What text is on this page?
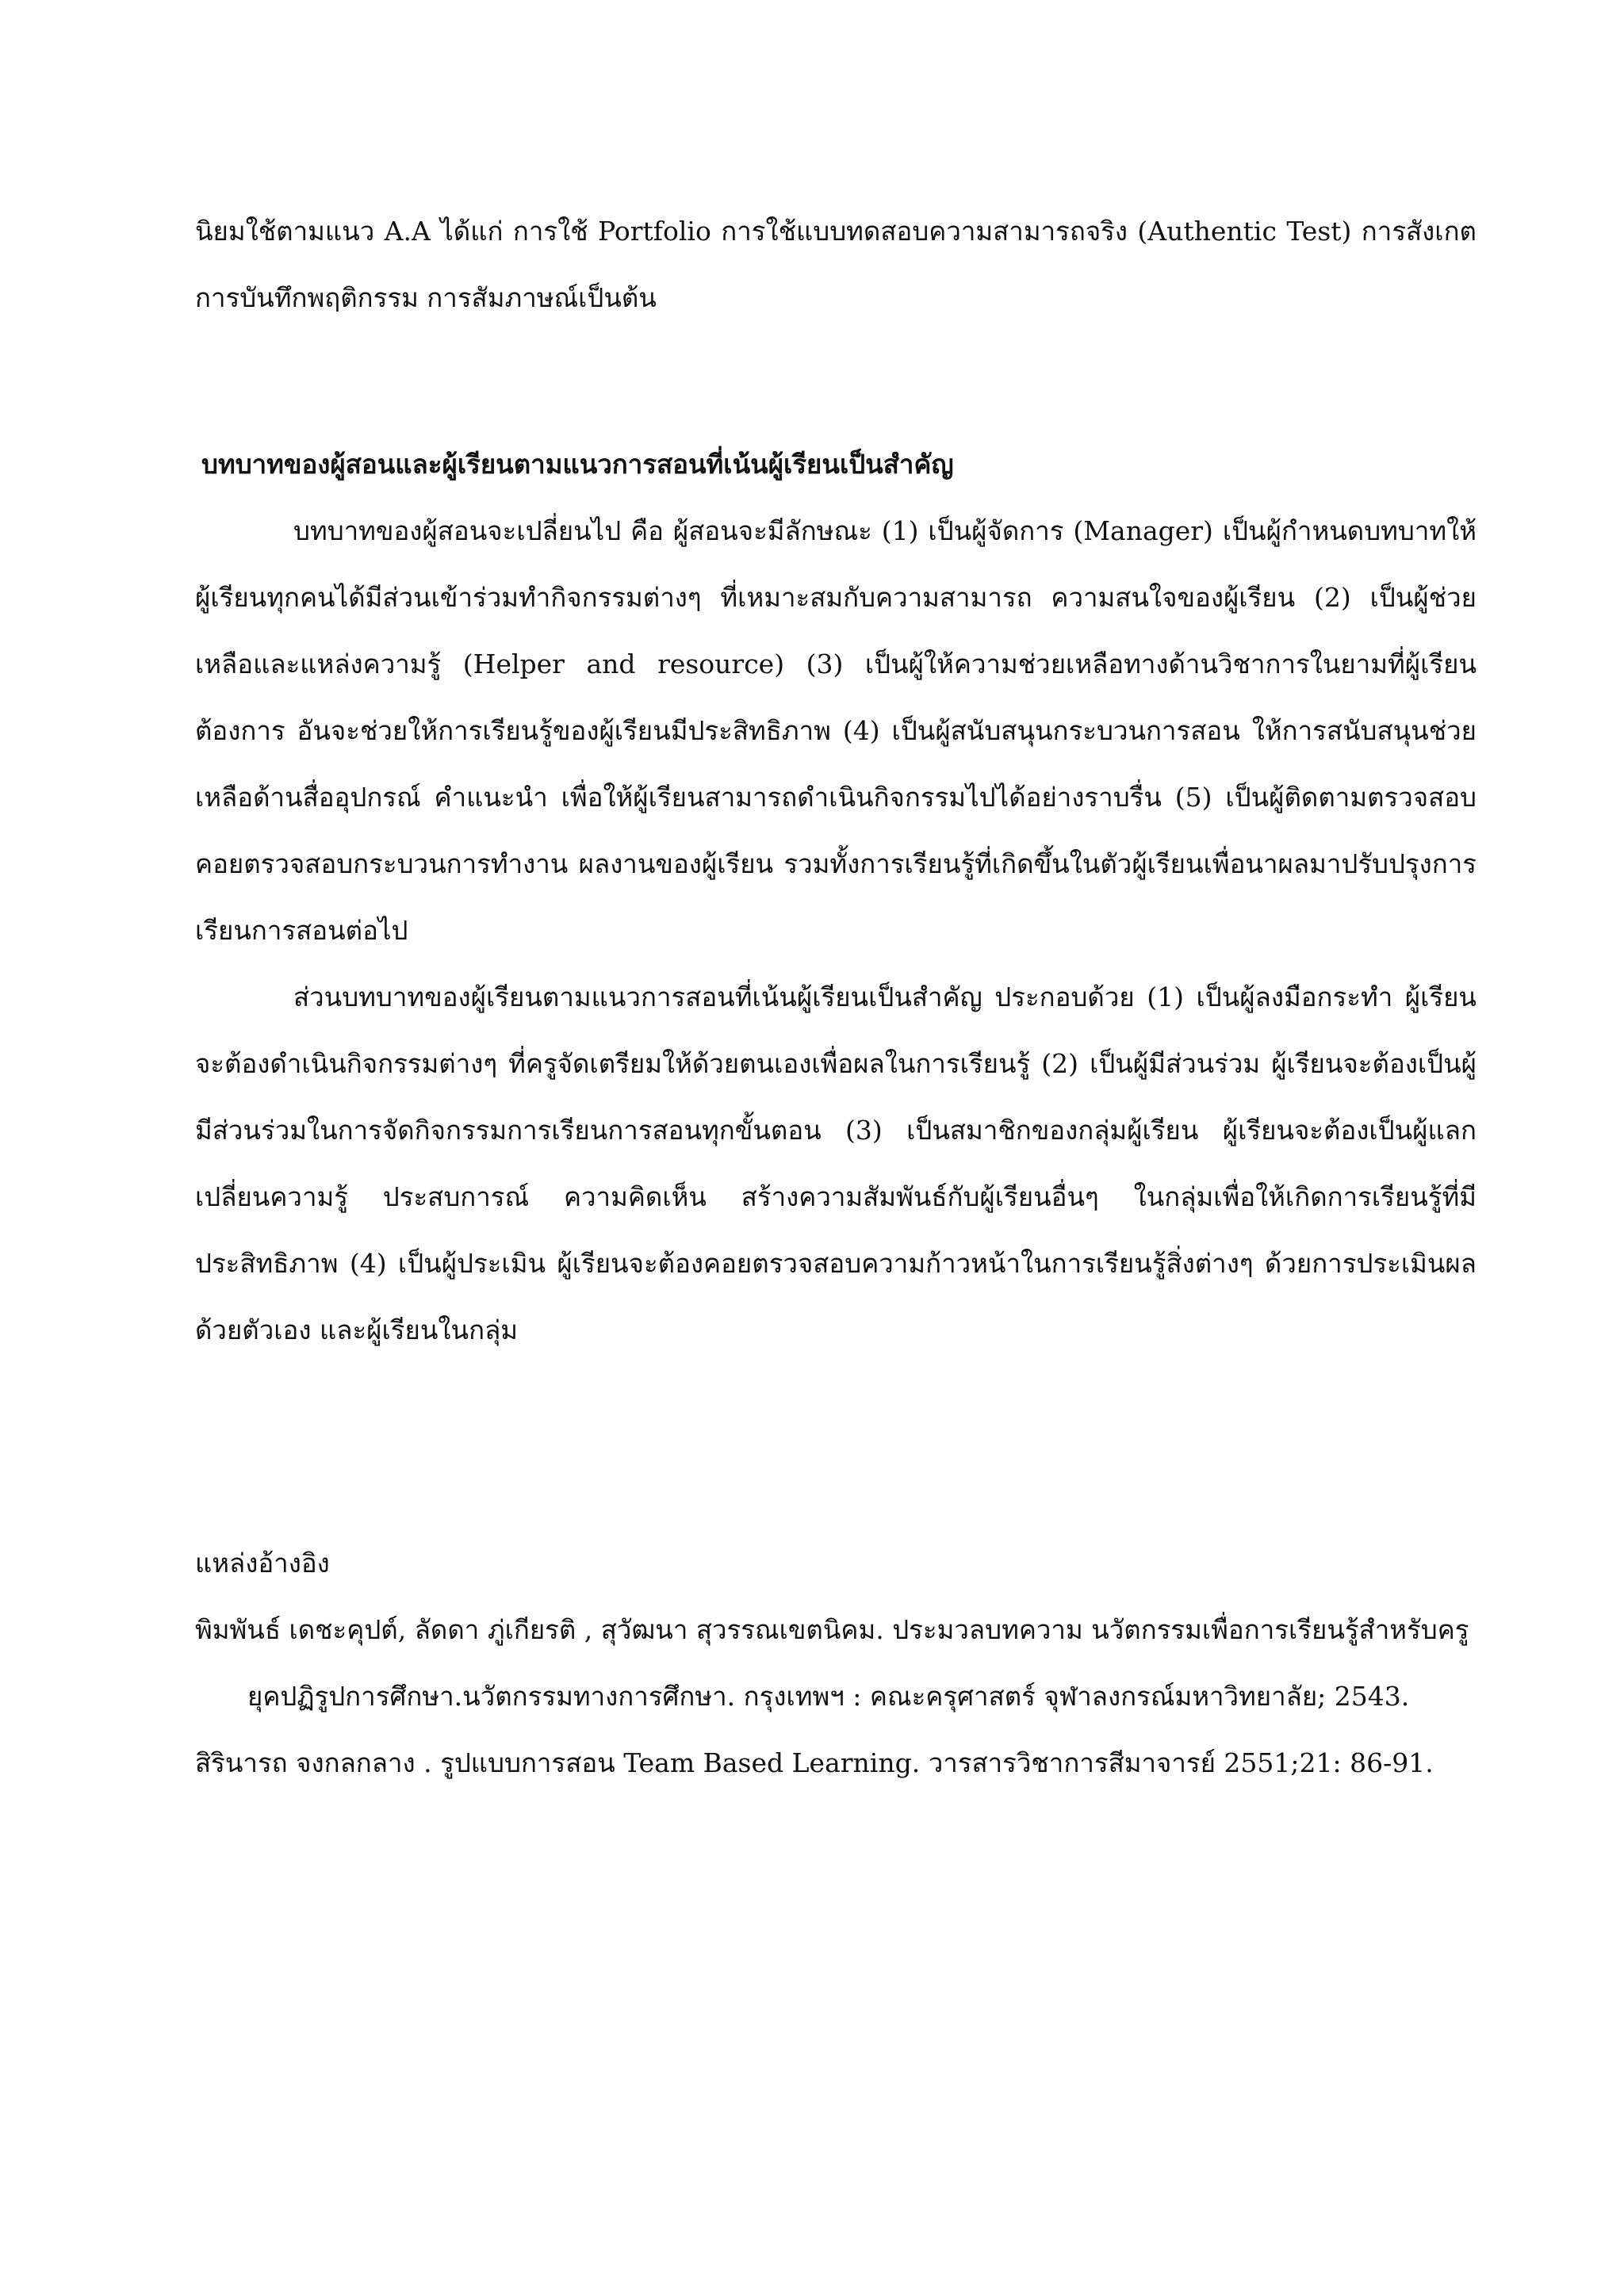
นิยมใช้ตามแนว A.A ได้แก่ การใช้ Portfolio การใช้แบบทดสอบความสามารถจริง (Authentic Test) การสังเกต การบันทึกพฤติกรรม การสัมภาษณ์เป็นต้น

บทบาทของผู้สอนและผู้เรียนตามแนวการสอนที่เน้นผู้เรียนเป็นสำคัญ

บทบาทของผู้สอนจะเปลี่ยนไป คือ ผู้สอนจะมีลักษณะ (1) เป็นผู้จัดการ (Manager) เป็นผู้กำหนดบทบาทให้ผู้เรียนทุกคนได้มีส่วนเข้าร่วมทำกิจกรรมต่างๆ ที่เหมาะสมกับความสามารถ ความสนใจของผู้เรียน (2) เป็นผู้ช่วยเหลือและแหล่งความรู้ (Helper and resource) (3) เป็นผู้ให้ความช่วยเหลือทางด้านวิชาการในยามที่ผู้เรียนต้องการ อันจะช่วยให้การเรียนรู้ของผู้เรียนมีประสิทธิภาพ (4) เป็นผู้สนับสนุนกระบวนการสอน ให้การสนับสนุนช่วยเหลือด้านสื่ออุปกรณ์ คำแนะนำ เพื่อให้ผู้เรียนสามารถดำเนินกิจกรรมไปได้อย่างราบรื่น (5) เป็นผู้ติดตามตรวจสอบ คอยตรวจสอบกระบวนการทำงาน ผลงานของผู้เรียน รวมทั้งการเรียนรู้ที่เกิดขึ้นในตัวผู้เรียนเพื่อนาผลมาปรับปรุงการเรียนการสอนต่อไป

ส่วนบทบาทของผู้เรียนตามแนวการสอนที่เน้นผู้เรียนเป็นสำคัญ ประกอบด้วย (1) เป็นผู้ลงมือกระทำ ผู้เรียนจะต้องดำเนินกิจกรรมต่างๆ ที่ครูจัดเตรียมให้ด้วยตนเองเพื่อผลในการเรียนรู้ (2) เป็นผู้มีส่วนร่วม ผู้เรียนจะต้องเป็นผู้มีส่วนร่วมในการจัดกิจกรรมการเรียนการสอนทุกขั้นตอน (3) เป็นสมาชิกของกลุ่มผู้เรียน ผู้เรียนจะต้องเป็นผู้แลกเปลี่ยนความรู้ ประสบการณ์ ความคิดเห็น สร้างความสัมพันธ์กับผู้เรียนอื่นๆ ในกลุ่มเพื่อให้เกิดการเรียนรู้ที่มีประสิทธิภาพ (4) เป็นผู้ประเมิน ผู้เรียนจะต้องคอยตรวจสอบความก้าวหน้าในการเรียนรู้สิ่งต่างๆ ด้วยการประเมินผลด้วยตัวเอง และผู้เรียนในกลุ่ม

แหล่งอ้างอิง

พิมพันธ์ เดชะคุปต์, ลัดดา ภู่เกียรติ , สุวัฒนา สุวรรณเขตนิคม. ประมวลบทความ นวัตกรรมเพื่อการเรียนรู้สำหรับครูยุคปฏิรูปการศึกษา.นวัตกรรมทางการศึกษา. กรุงเทพฯ : คณะครุศาสตร์ จุฬาลงกรณ์มหาวิทยาลัย; 2543.

สิรินารถ จงกลกลาง . รูปแบบการสอน Team Based Learning. วารสารวิชาการสีมาจารย์ 2551;21: 86-91.
